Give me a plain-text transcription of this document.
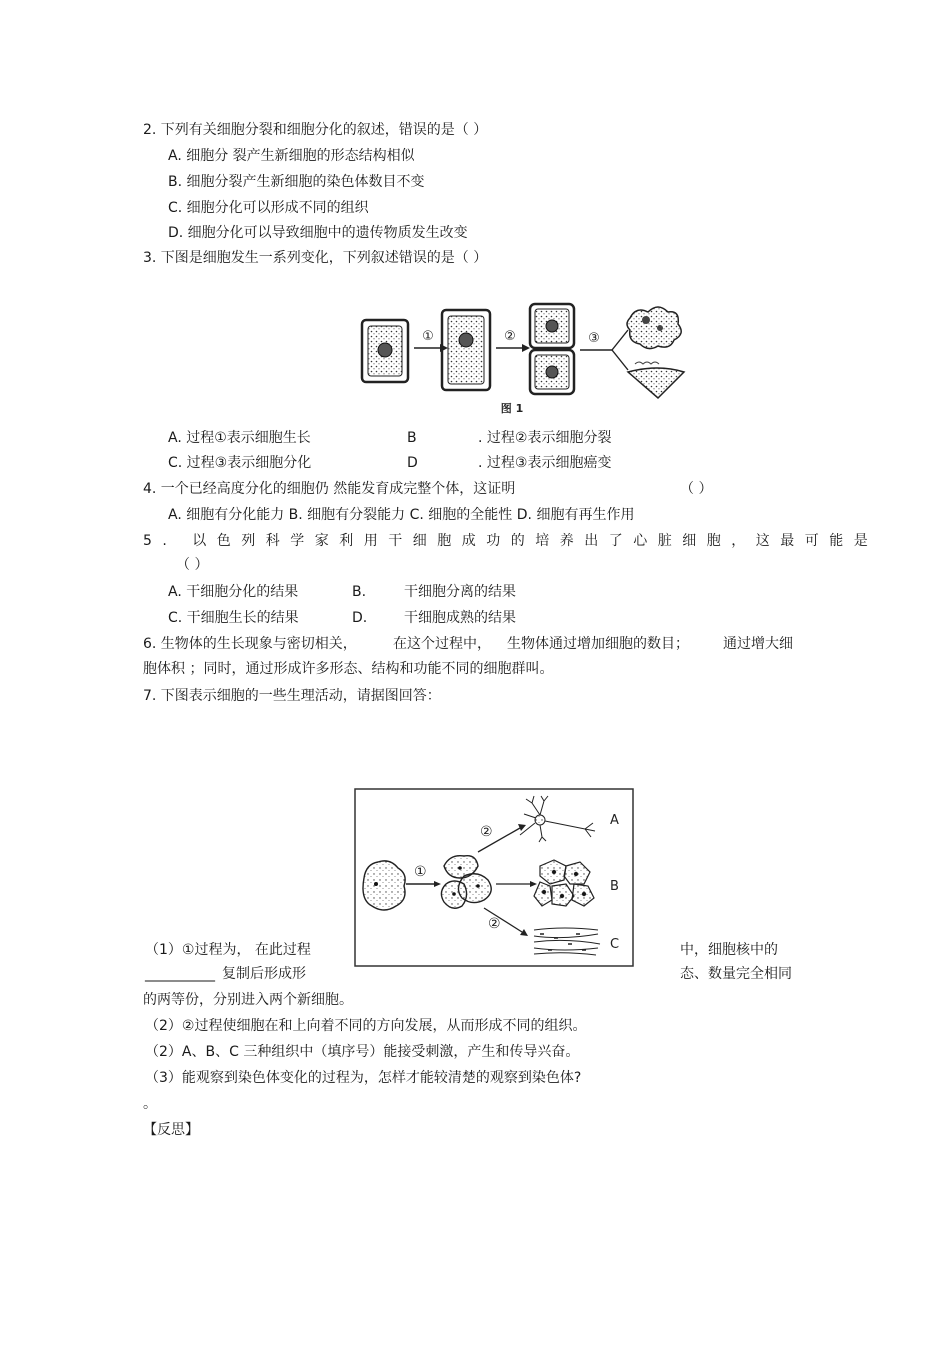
2. 下列有关细胞分裂和细胞分化的叙述，错误的是（ ）
A. 细胞分 裂产生新细胞的形态结构相似
B. 细胞分裂产生新细胞的染色体数目不变
C. 细胞分化可以形成不同的组织
D. 细胞分化可以导致细胞中的遗传物质发生改变
3. 下图是细胞发生一系列变化，下列叙述错误的是（ ）
①	②	③
图 1
A. 过程①表示细胞生长	B	. 过程②表示细胞分裂
C. 过程③表示细胞分化	D	. 过程③表示细胞癌变
4. 一个已经高度分化的细胞仍 然能发育成完整个体，这证明	（ ）
A. 细胞有分化能力 B. 细胞有分裂能力 C. 细胞的全能性 D. 细胞有再生作用
5. 以色列科学家利用干细胞成功的培养出了心脏细胞，这最可能是
（ ）
A. 干细胞分化的结果	B.	干细胞分离的结果
C. 干细胞生长的结果	D.	干细胞成熟的结果
6. 生物体的生长现象与密切相关，	在这个过程中， 生物体通过增加细胞的数目； 通过增大细
胞体积 ；同时，通过形成许多形态、结构和功能不同的细胞群叫。
7. 下图表示细胞的一些生理活动，请据图回答：
①
②
②
A
B
C
（1）①过程为， 在此过程	中，细胞核中的
__________ 复制后形成形	态、数量完全相同
的两等份，分别进入两个新细胞。
（2）②过程使细胞在和上向着不同的方向发展，从而形成不同的组织。
（2）A、B、C 三种组织中（填序号）能接受刺激，产生和传导兴奋。
（3）能观察到染色体变化的过程为，怎样才能较清楚的观察到染色体?
。
【反思】
